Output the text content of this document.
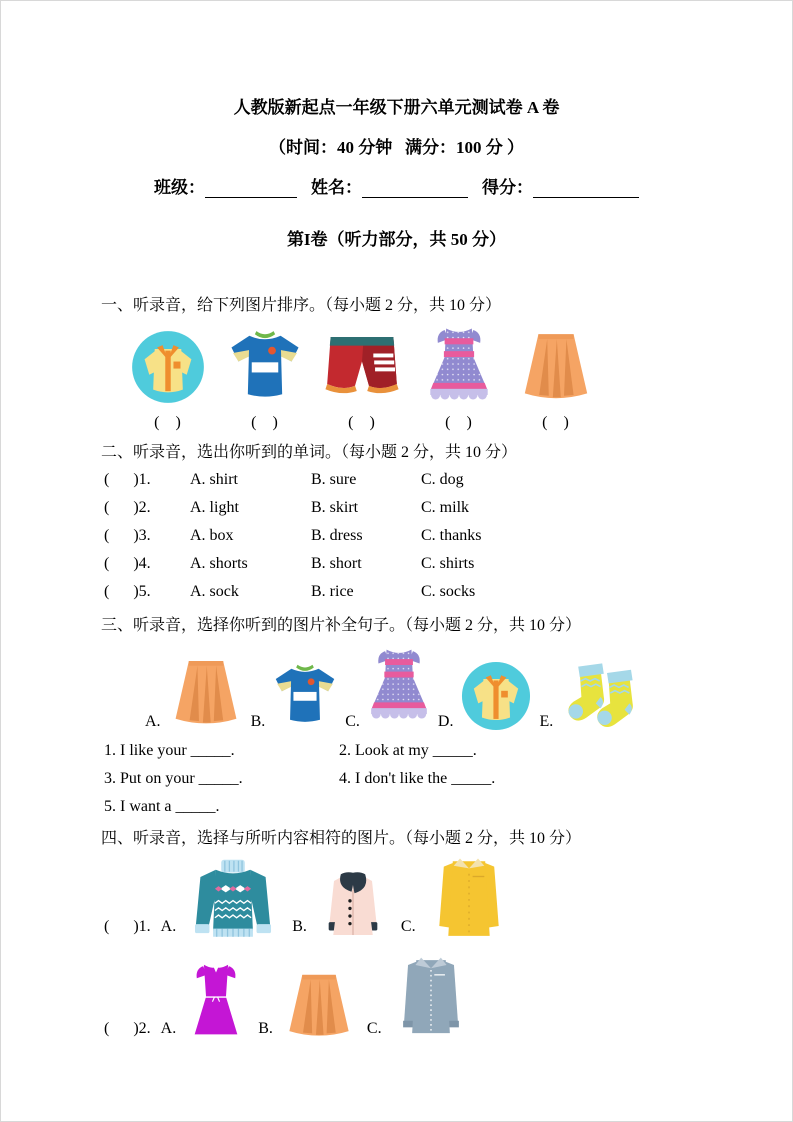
人教版新起点一年级下册六单元测试卷 A 卷
（时间：40 分钟   满分：100 分 ）
班级：	姓名：	得分：
第I卷（听力部分，共 50 分）
一、听录音，给下列图片排序。（每小题 2 分，共 10 分）
(    )	(    )	(    )	(    )	(    )
二、听录音，选出你听到的单词。（每小题 2 分，共 10 分）
(      )1.	A. shirt	B. sure	C. dog
(      )2.	A. light	B. skirt	C. milk
(      )3.	A. box	B. dress	C. thanks
(      )4.	A. shorts	B. short	C. shirts
(      )5.	A. sock	B. rice	C. socks
三、听录音，选择你听到的图片补全句子。（每小题 2 分，共 10 分）
A.	B.	C.	D.	E.
1. I like your _____.	2. Look at my _____.
3. Put on your _____.	4. I don't like the _____.
5. I want a _____.
四、听录音，选择与所听内容相符的图片。（每小题 2 分，共 10 分）
(      )1. A.	B.	C.
(      )2. A.	B.	C.
